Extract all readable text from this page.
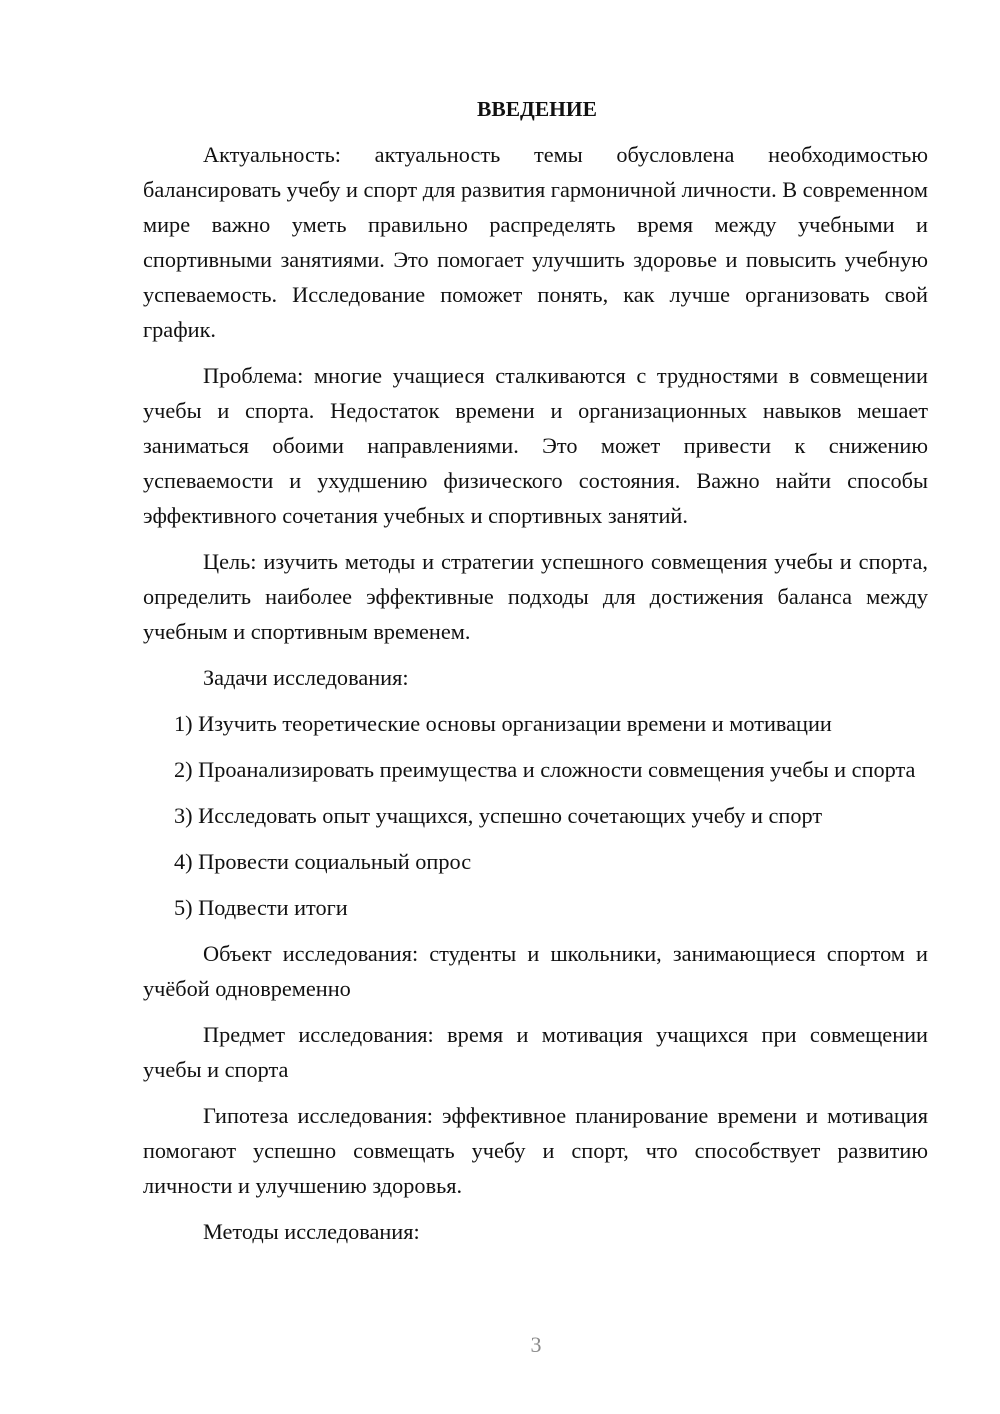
ВВЕДЕНИЕ

Актуальность: актуальность темы обусловлена необходимостью балансировать учебу и спорт для развития гармоничной личности. В современном мире важно уметь правильно распределять время между учебными и спортивными занятиями. Это помогает улучшить здоровье и повысить учебную успеваемость. Исследование поможет понять, как лучше организовать свой график.

Проблема: многие учащиеся сталкиваются с трудностями в совмещении учебы и спорта. Недостаток времени и организационных навыков мешает заниматься обоими направлениями. Это может привести к снижению успеваемости и ухудшению физического состояния. Важно найти способы эффективного сочетания учебных и спортивных занятий.

Цель: изучить методы и стратегии успешного совмещения учебы и спорта, определить наиболее эффективные подходы для достижения баланса между учебным и спортивным временем.

Задачи исследования:

1) Изучить теоретические основы организации времени и мотивации

2) Проанализировать преимущества и сложности совмещения учебы и спорта

3) Исследовать опыт учащихся, успешно сочетающих учебу и спорт

4) Провести социальный опрос

5) Подвести итоги

Объект исследования: студенты и школьники, занимающиеся спортом и учёбой одновременно

Предмет исследования: время и мотивация учащихся при совмещении учебы и спорта

Гипотеза исследования: эффективное планирование времени и мотивация помогают успешно совмещать учебу и спорт, что способствует развитию личности и улучшению здоровья.

Методы исследования:

3
